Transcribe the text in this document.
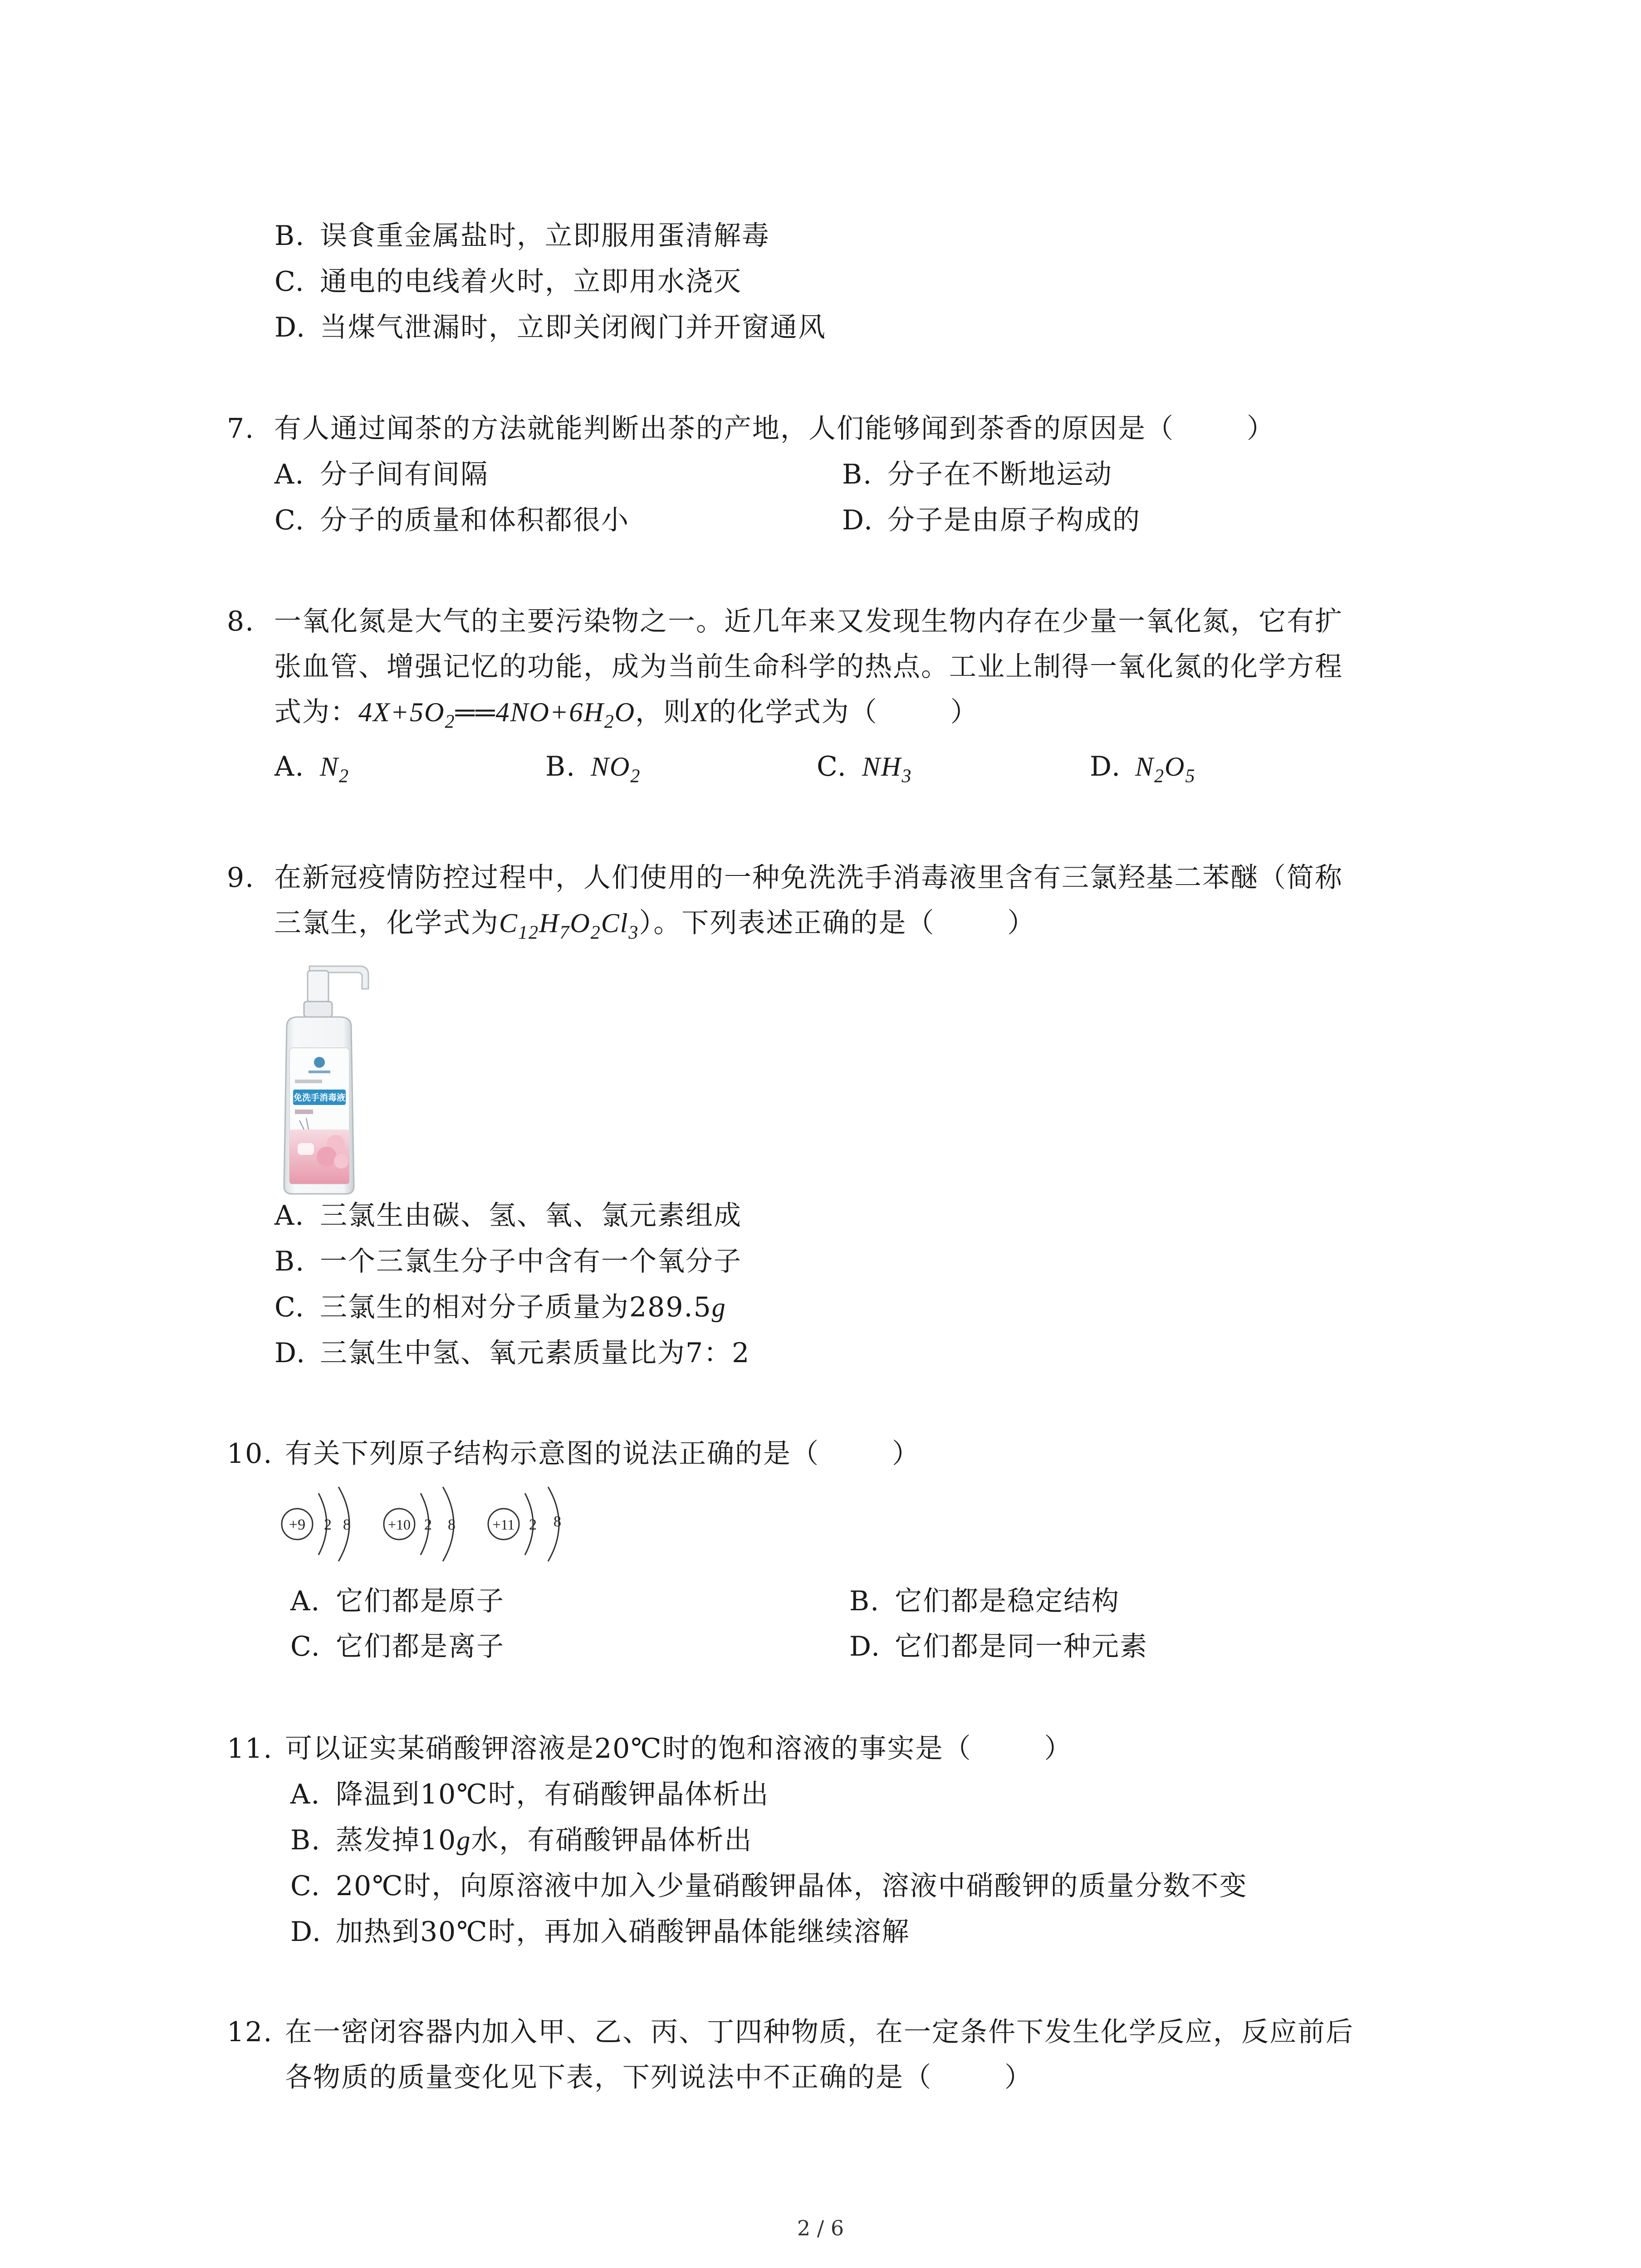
B. 误食重金属盐时，立即服用蛋清解毒
C. 通电的电线着火时，立即用水浇灭
D. 当煤气泄漏时，立即关闭阀门并开窗通风
7. 有人通过闻茶的方法就能判断出茶的产地，人们能够闻到茶香的原因是（	）
A. 分子间有间隔	B. 分子在不断地运动
C. 分子的质量和体积都很小	D. 分子是由原子构成的
8. 一氧化氮是大气的主要污染物之一。近几年来又发现生物内存在少量一氧化氮，它有扩
张血管、增强记忆的功能，成为当前生命科学的热点。工业上制得一氧化氮的化学方程
式为：$4X+5O_2══4NO+6H_2O$，则X的化学式为（	）
A. $N_2$	B. $NO_2$	C. $NH_3$	D. $N_2O_5$
9. 在新冠疫情防控过程中，人们使用的一种免洗洗手消毒液里含有三氯羟基二苯醚（简称
三氯生，化学式为$C_{12}H_7O_2Cl_3$）。下列表述正确的是（	）
免洗手消毒液
A. 三氯生由碳、氢、氧、氯元素组成
B. 一个三氯生分子中含有一个氧分子
C. 三氯生的相对分子质量为289.5g
D. 三氯生中氢、氧元素质量比为7：2
10. 有关下列原子结构示意图的说法正确的是（	）
+9 2 8	+10 2 8	+11 2 8
A. 它们都是原子	B. 它们都是稳定结构
C. 它们都是离子	D. 它们都是同一种元素
11. 可以证实某硝酸钾溶液是20℃时的饱和溶液的事实是（	）
A. 降温到10℃时，有硝酸钾晶体析出
B. 蒸发掉10g水，有硝酸钾晶体析出
C. 20℃时，向原溶液中加入少量硝酸钾晶体，溶液中硝酸钾的质量分数不变
D. 加热到30℃时，再加入硝酸钾晶体能继续溶解
12. 在一密闭容器内加入甲、乙、丙、丁四种物质，在一定条件下发生化学反应，反应前后
各物质的质量变化见下表，下列说法中不正确的是（	）
2 / 6
